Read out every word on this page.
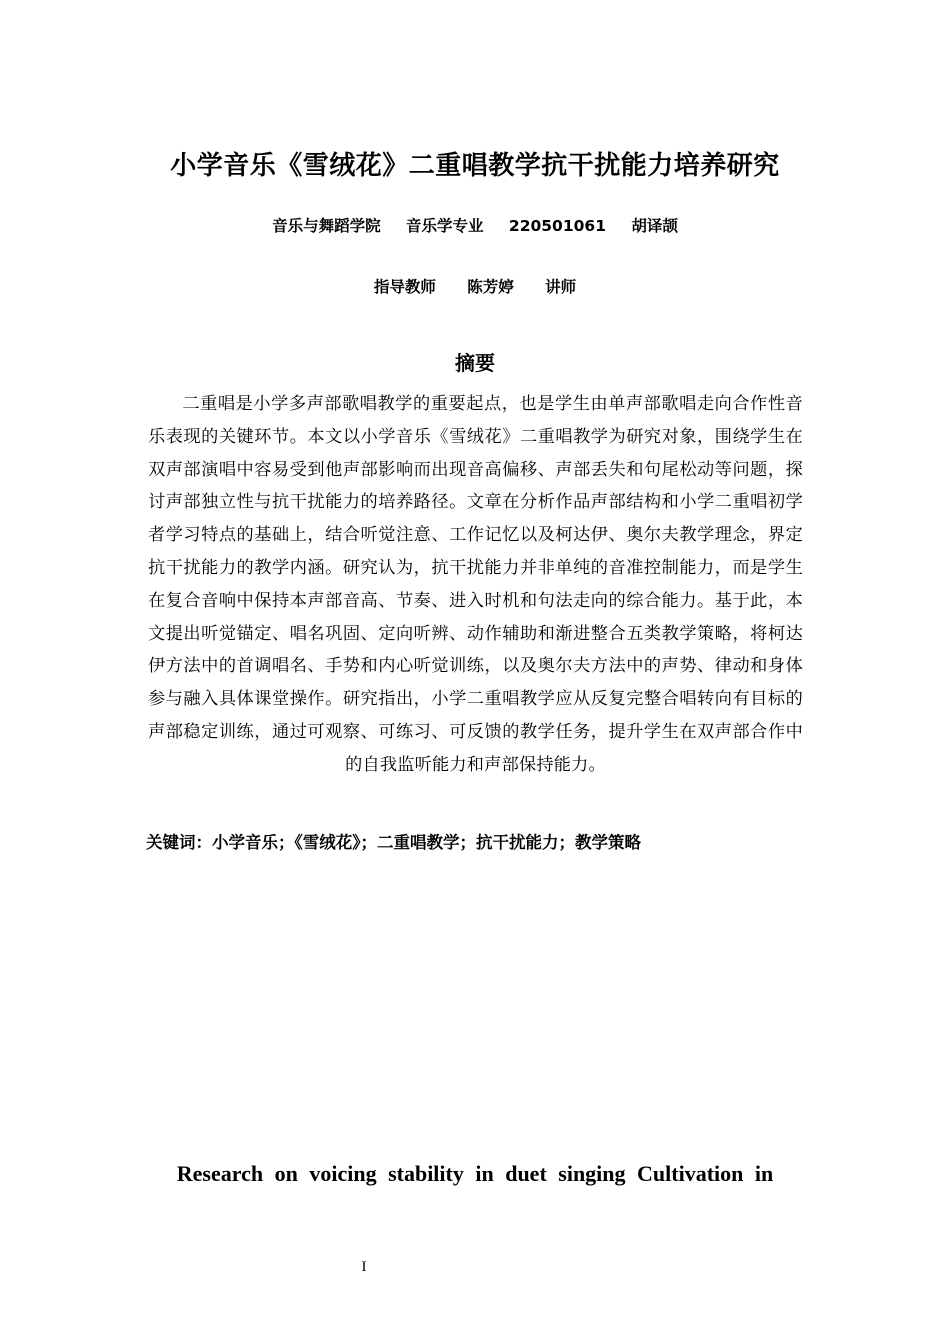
小学音乐《雪绒花》二重唱教学抗干扰能力培养研究
音乐与舞蹈学院 音乐学专业 220501061 胡译颉
指导教师 陈芳婷 讲师
摘要
二重唱是小学多声部歌唱教学的重要起点，也是学生由单声部歌唱走向合作性音乐表现的关键环节。本文以小学音乐《雪绒花》二重唱教学为研究对象，围绕学生在双声部演唱中容易受到他声部影响而出现音高偏移、声部丢失和句尾松动等问题，探讨声部独立性与抗干扰能力的培养路径。文章在分析作品声部结构和小学二重唱初学者学习特点的基础上，结合听觉注意、工作记忆以及柯达伊、奥尔夫教学理念，界定抗干扰能力的教学内涵。研究认为，抗干扰能力并非单纯的音准控制能力，而是学生在复合音响中保持本声部音高、节奏、进入时机和句法走向的综合能力。基于此，本文提出听觉锚定、唱名巩固、定向听辨、动作辅助和渐进整合五类教学策略，将柯达伊方法中的首调唱名、手势和内心听觉训练，以及奥尔夫方法中的声势、律动和身体参与融入具体课堂操作。研究指出，小学二重唱教学应从反复完整合唱转向有目标的声部稳定训练，通过可观察、可练习、可反馈的教学任务，提升学生在双声部合作中的自我监听能力和声部保持能力。
关键词：小学音乐；《雪绒花》；二重唱教学；抗干扰能力；教学策略
Research on voicing stability in duet singing Cultivation in
I
